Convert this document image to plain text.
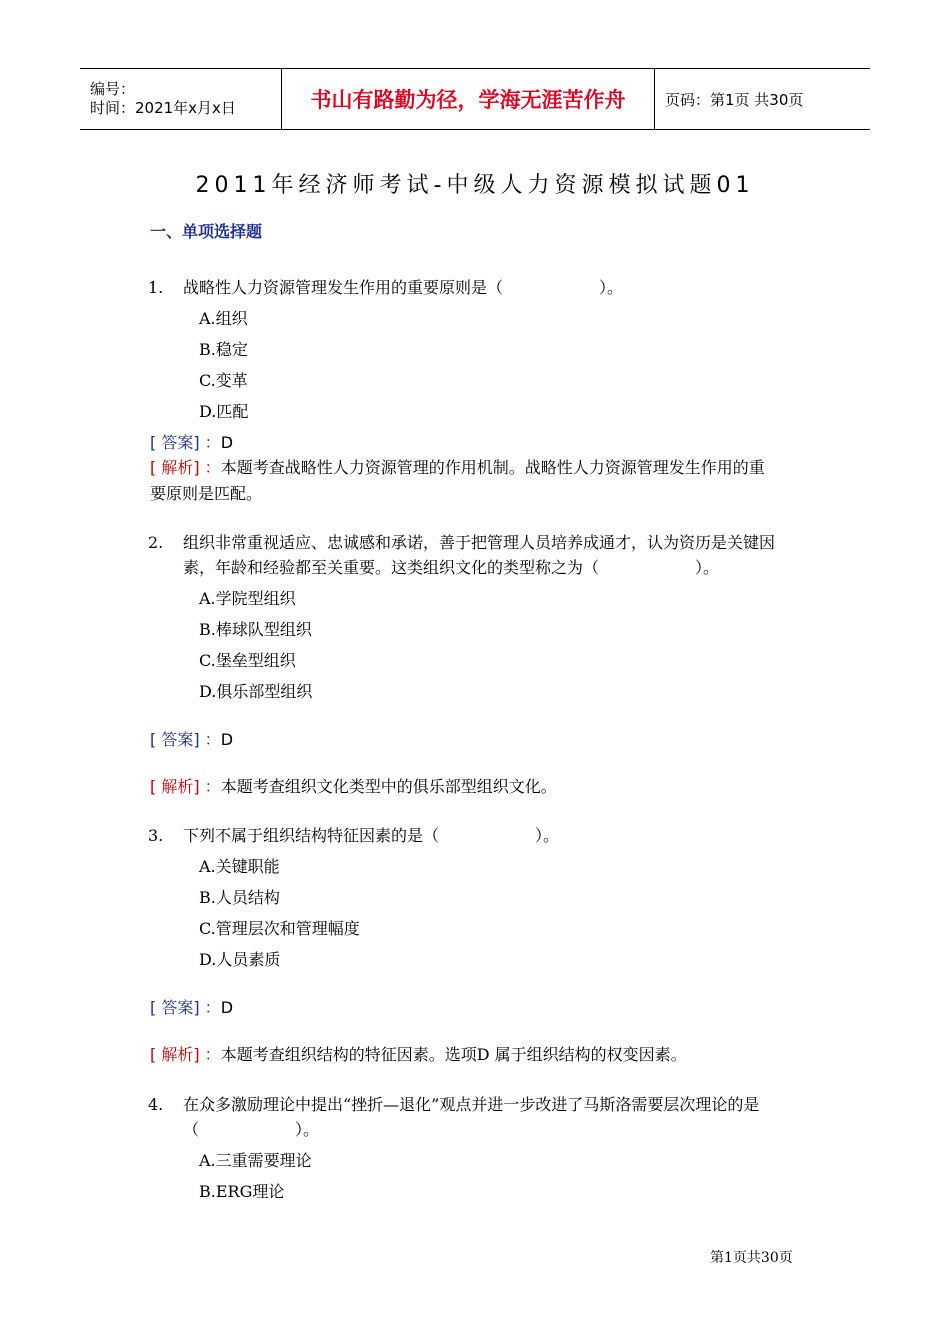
编号：
时间：2021年x月x日	书山有路勤为径，学海无涯苦作舟	页码：第1页 共30页
2011年经济师考试-中级人力资源模拟试题01
一、单项选择题
1. 战略性人力资源管理发生作用的重要原则是（	）。
A.组织
B.稳定
C.变革
D.匹配
[ 答案] ：D
[ 解析] ：本题考查战略性人力资源管理的作用机制。战略性人力资源管理发生作用的重
要原则是匹配。
2. 组织非常重视适应、忠诚感和承诺，善于把管理人员培养成通才，认为资历是关键因
素，年龄和经验都至关重要。这类组织文化的类型称之为（	）。
A.学院型组织
B.棒球队型组织
C.堡垒型组织
D.俱乐部型组织
[ 答案] ：D
[ 解析] ：本题考查组织文化类型中的俱乐部型组织文化。
3. 下列不属于组织结构特征因素的是（	）。
A.关键职能
B.人员结构
C.管理层次和管理幅度
D.人员素质
[ 答案] ：D
[ 解析] ：本题考查组织结构的特征因素。选项D 属于组织结构的权变因素。
4. 在众多激励理论中提出“挫折—退化”观点并进一步改进了马斯洛需要层次理论的是
（	）。
A.三重需要理论
B.ERG理论
第1页共30页
